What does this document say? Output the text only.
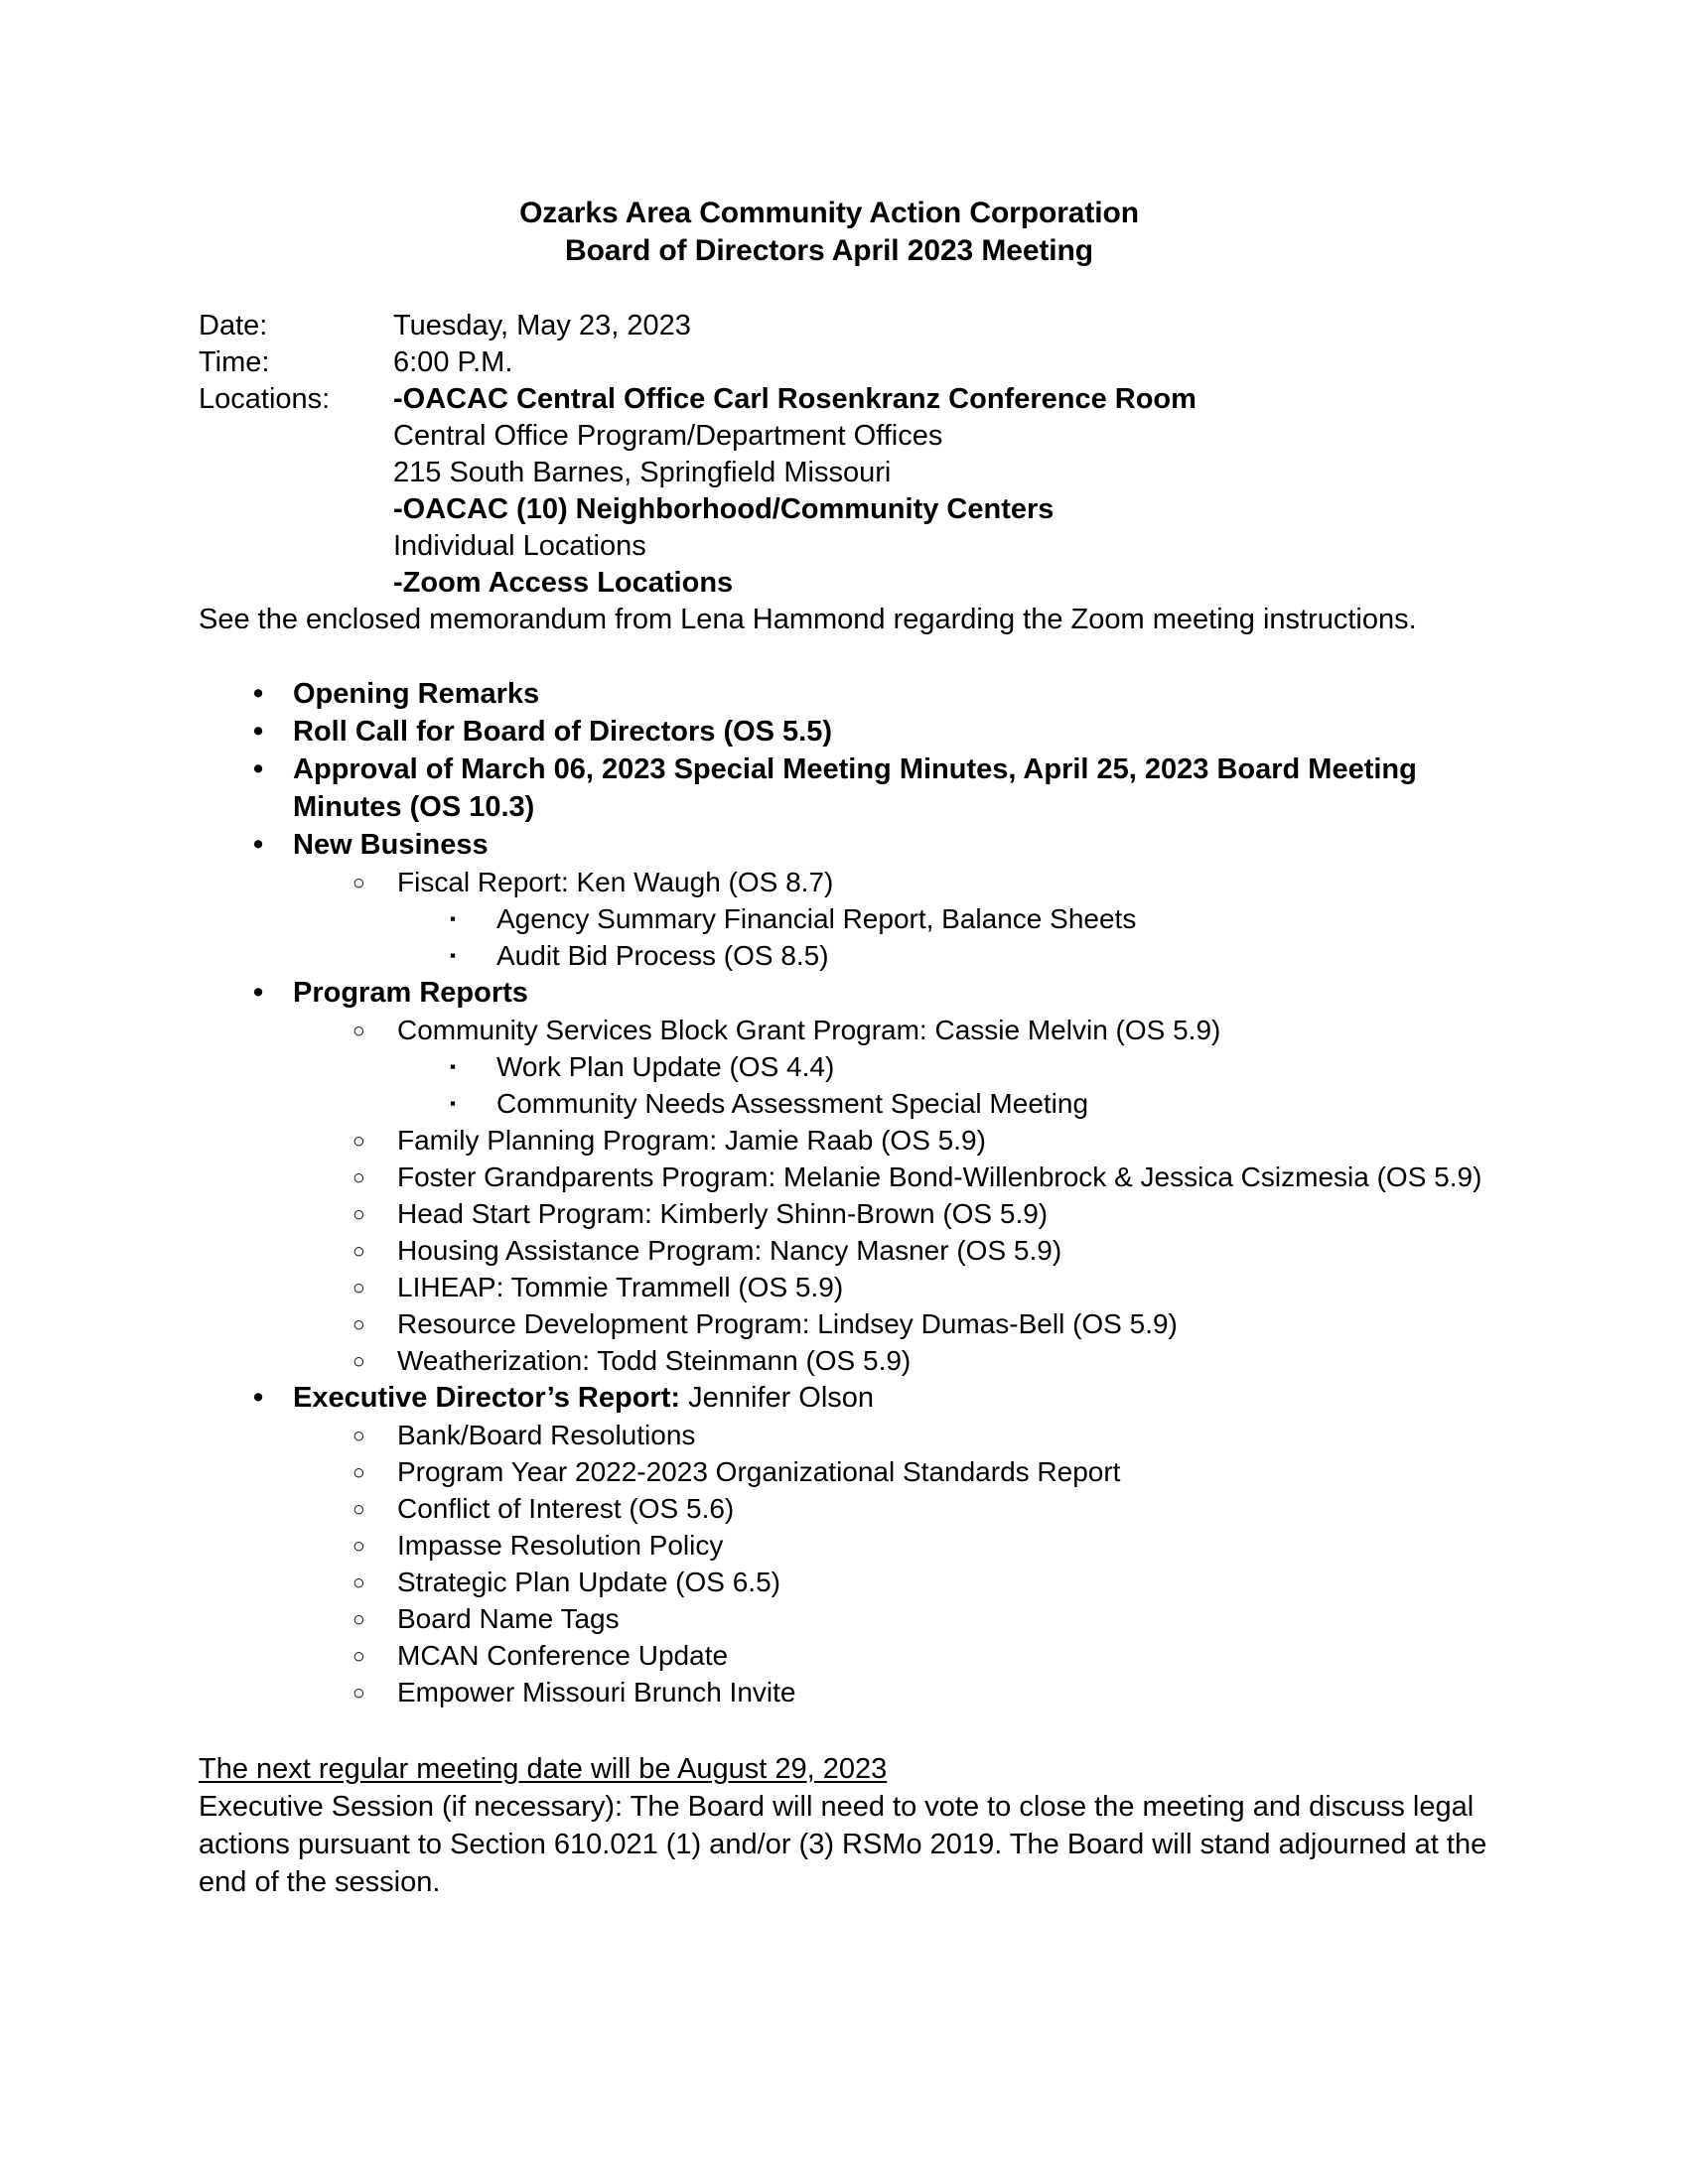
Ozarks Area Community Action Corporation
Board of Directors April 2023 Meeting
Date:	Tuesday, May 23, 2023
Time:	6:00 P.M.
Locations:	-OACAC Central Office Carl Rosenkranz Conference Room
Central Office Program/Department Offices
215 South Barnes, Springfield Missouri
-OACAC (10) Neighborhood/Community Centers
Individual Locations
-Zoom Access Locations
See the enclosed memorandum from Lena Hammond regarding the Zoom meeting instructions.
• Opening Remarks
• Roll Call for Board of Directors (OS 5.5)
• Approval of March 06, 2023 Special Meeting Minutes, April 25, 2023 Board Meeting Minutes (OS 10.3)
• New Business
○ Fiscal Report: Ken Waugh (OS 8.7)
▪ Agency Summary Financial Report, Balance Sheets
▪ Audit Bid Process (OS 8.5)
• Program Reports
○ Community Services Block Grant Program: Cassie Melvin (OS 5.9)
▪ Work Plan Update (OS 4.4)
▪ Community Needs Assessment Special Meeting
○ Family Planning Program: Jamie Raab (OS 5.9)
○ Foster Grandparents Program: Melanie Bond-Willenbrock & Jessica Csizmesia (OS 5.9)
○ Head Start Program: Kimberly Shinn-Brown (OS 5.9)
○ Housing Assistance Program: Nancy Masner (OS 5.9)
○ LIHEAP: Tommie Trammell (OS 5.9)
○ Resource Development Program: Lindsey Dumas-Bell (OS 5.9)
○ Weatherization: Todd Steinmann (OS 5.9)
• Executive Director’s Report: Jennifer Olson
○ Bank/Board Resolutions
○ Program Year 2022-2023 Organizational Standards Report
○ Conflict of Interest (OS 5.6)
○ Impasse Resolution Policy
○ Strategic Plan Update (OS 6.5)
○ Board Name Tags
○ MCAN Conference Update
○ Empower Missouri Brunch Invite
The next regular meeting date will be August 29, 2023
Executive Session (if necessary): The Board will need to vote to close the meeting and discuss legal actions pursuant to Section 610.021 (1) and/or (3) RSMo 2019. The Board will stand adjourned at the end of the session.
